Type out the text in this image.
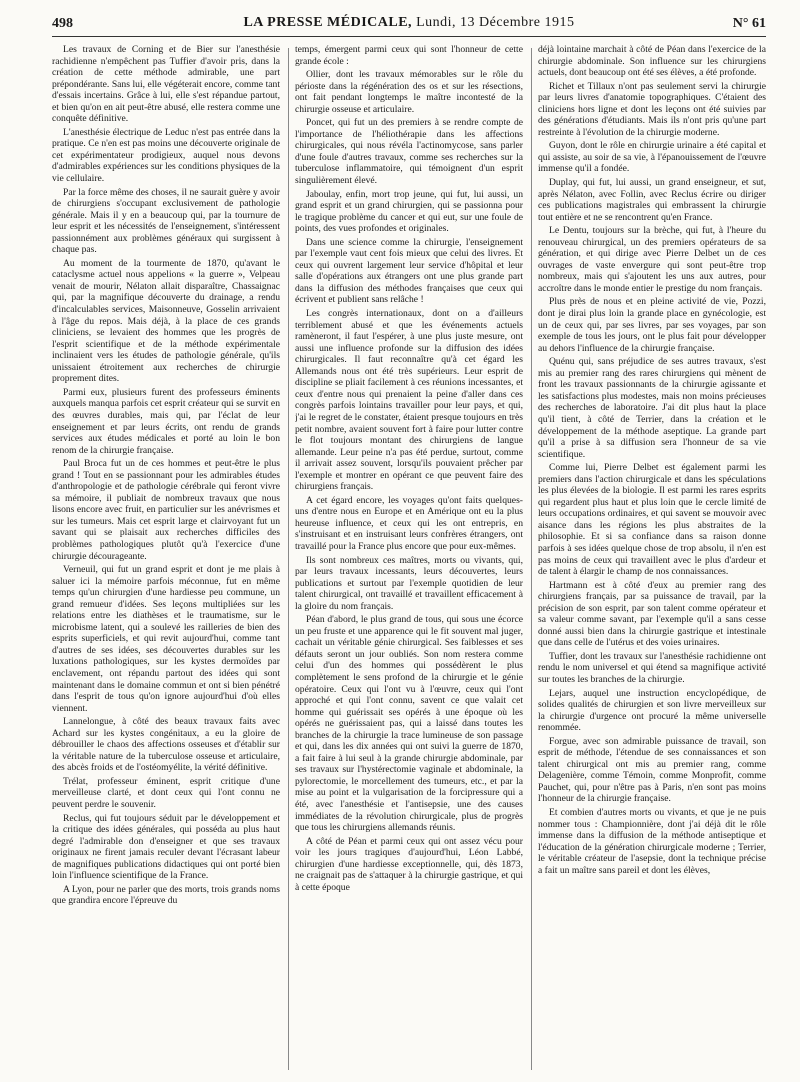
498	LA PRESSE MÉDICALE, Lundi, 13 Décembre 1915	N° 61

Les travaux de Corning et de Bier sur l'anesthésie rachidienne n'empêchent pas Tuffier d'avoir pris, dans la création de cette méthode admirable, une part prépondérante. Sans lui, elle végéterait encore, comme tant d'essais incertains. Grâce à lui, elle s'est répandue partout, et bien qu'on en ait peut-être abusé, elle restera comme une conquête définitive.

L'anesthésie électrique de Leduc n'est pas entrée dans la pratique. Ce n'en est pas moins une découverte originale de cet expérimentateur prodigieux, auquel nous devons d'admirables expériences sur les conditions physiques de la vie cellulaire.

Par la force même des choses, il ne saurait guère y avoir de chirurgiens s'occupant exclusivement de pathologie générale. Mais il y en a beaucoup qui, par la tournure de leur esprit et les nécessités de l'enseignement, s'intéressent passionnément aux problèmes généraux qui surgissent à chaque pas.

Au moment de la tourmente de 1870, qu'avant le cataclysme actuel nous appelions « la guerre », Velpeau venait de mourir, Nélaton allait disparaître, Chassaignac qui, par la magnifique découverte du drainage, a rendu d'incalculables services, Maisonneuve, Gosselin arrivaient à l'âge du repos. Mais déjà, à la place de ces grands cliniciens, se levaient des hommes que les progrès de l'esprit scientifique et de la méthode expérimentale inclinaient vers les études de pathologie générale, qu'ils unissaient étroitement aux recherches de chirurgie proprement dites.

Parmi eux, plusieurs furent des professeurs éminents auxquels manqua parfois cet esprit créateur qui se survit en des œuvres durables, mais qui, par l'éclat de leur enseignement et par leurs écrits, ont rendu de grands services aux études médicales et porté au loin le bon renom de la chirurgie française.

Paul Broca fut un de ces hommes et peut-être le plus grand ! Tout en se passionnant pour les admirables études d'anthropologie et de pathologie cérébrale qui feront vivre sa mémoire, il publiait de nombreux travaux que nous lisons encore avec fruit, en particulier sur les anévrismes et sur les tumeurs. Mais cet esprit large et clairvoyant fut un savant qui se plaisait aux recherches difficiles des problèmes pathologiques plutôt qu'à l'exercice d'une chirurgie décourageante.

Verneuil, qui fut un grand esprit et dont je me plais à saluer ici la mémoire parfois méconnue, fut en même temps qu'un chirurgien d'une hardiesse peu commune, un grand remueur d'idées. Ses leçons multipliées sur les relations entre les diathèses et le traumatisme, sur le microbisme latent, qui a soulevé les railleries de bien des esprits superficiels, et qui revit aujourd'hui, comme tant d'autres de ses idées, ses découvertes durables sur les luxations pathologiques, sur les kystes dermoïdes par enclavement, ont répandu partout des idées qui sont maintenant dans le domaine commun et ont si bien pénétré dans l'esprit de tous qu'on ignore aujourd'hui d'où elles viennent.

Lannelongue, à côté des beaux travaux faits avec Achard sur les kystes congénitaux, a eu la gloire de débrouiller le chaos des affections osseuses et d'établir sur la véritable nature de la tuberculose osseuse et articulaire, des abcès froids et de l'ostéomyélite, la vérité définitive.

Trélat, professeur éminent, esprit critique d'une merveilleuse clarté, et dont ceux qui l'ont connu ne peuvent perdre le souvenir.

Reclus, qui fut toujours séduit par le développement et la critique des idées générales, qui posséda au plus haut degré l'admirable don d'enseigner et que ses travaux originaux ne firent jamais reculer devant l'écrasant labeur de magnifiques publications didactiques qui ont porté bien loin l'influence scientifique de la France.

A Lyon, pour ne parler que des morts, trois grands noms que grandira encore l'épreuve du

temps, émergent parmi ceux qui sont l'honneur de cette grande école :

Ollier, dont les travaux mémorables sur le rôle du périoste dans la régénération des os et sur les résections, ont fait pendant longtemps le maître incontesté de la chirurgie osseuse et articulaire.

Poncet, qui fut un des premiers à se rendre compte de l'importance de l'héliothérapie dans les affections chirurgicales, qui nous révéla l'actinomycose, sans parler d'une foule d'autres travaux, comme ses recherches sur la tuberculose inflammatoire, qui témoignent d'un esprit singulièrement élevé.

Jaboulay, enfin, mort trop jeune, qui fut, lui aussi, un grand esprit et un grand chirurgien, qui se passionna pour le tragique problème du cancer et qui eut, sur une foule de points, des vues profondes et originales.

Dans une science comme la chirurgie, l'enseignement par l'exemple vaut cent fois mieux que celui des livres. Et ceux qui ouvrent largement leur service d'hôpital et leur salle d'opérations aux étrangers ont une plus grande part dans la diffusion des méthodes françaises que ceux qui écrivent et publient sans relâche !

Les congrès internationaux, dont on a d'ailleurs terriblement abusé et que les événements actuels ramèneront, il faut l'espérer, à une plus juste mesure, ont aussi une influence profonde sur la diffusion des idées chirurgicales. Il faut reconnaître qu'à cet égard les Allemands nous ont été très supérieurs. Leur esprit de discipline se pliait facilement à ces réunions incessantes, et ceux d'entre nous qui prenaient la peine d'aller dans ces congrès parfois lointains travailler pour leur pays, et qui, j'ai le regret de le constater, étaient presque toujours en très petit nombre, avaient souvent fort à faire pour lutter contre le flot toujours montant des chirurgiens de langue allemande. Leur peine n'a pas été perdue, surtout, comme il arrivait assez souvent, lorsqu'ils pouvaient prêcher par l'exemple et montrer en opérant ce que peuvent faire des chirurgiens français.

A cet égard encore, les voyages qu'ont faits quelques-uns d'entre nous en Europe et en Amérique ont eu la plus heureuse influence, et ceux qui les ont entrepris, en s'instruisant et en instruisant leurs confrères étrangers, ont travaillé pour la France plus encore que pour eux-mêmes.

Ils sont nombreux ces maîtres, morts ou vivants, qui, par leurs travaux incessants, leurs découvertes, leurs publications et surtout par l'exemple quotidien de leur talent chirurgical, ont travaillé et travaillent efficacement à la gloire du nom français.

Péan d'abord, le plus grand de tous, qui sous une écorce un peu fruste et une apparence qui le fit souvent mal juger, cachait un véritable génie chirurgical. Ses faiblesses et ses défauts seront un jour oubliés. Son nom restera comme celui d'un des hommes qui possédèrent le plus complètement le sens profond de la chirurgie et le génie opératoire. Ceux qui l'ont vu à l'œuvre, ceux qui l'ont approché et qui l'ont connu, savent ce que valait cet homme qui guérissait ses opérés à une époque où les opérés ne guérissaient pas, qui a laissé dans toutes les branches de la chirurgie la trace lumineuse de son passage et qui, dans les dix années qui ont suivi la guerre de 1870, a fait faire à lui seul à la grande chirurgie abdominale, par ses travaux sur l'hystérectomie vaginale et abdominale, la pylorectomie, le morcellement des tumeurs, etc., et par la mise au point et la vulgarisation de la forcipressure qui a été, avec l'anesthésie et l'antisepsie, une des causes immédiates de la révolution chirurgicale, plus de progrès que tous les chirurgiens allemands réunis.

A côté de Péan et parmi ceux qui ont assez vécu pour voir les jours tragiques d'aujourd'hui, Léon Labbé, chirurgien d'une hardiesse exceptionnelle, qui, dès 1873, ne craignait pas de s'attaquer à la chirurgie gastrique, et qui à cette époque

déjà lointaine marchait à côté de Péan dans l'exercice de la chirurgie abdominale. Son influence sur les chirurgiens actuels, dont beaucoup ont été ses élèves, a été profonde.

Richet et Tillaux n'ont pas seulement servi la chirurgie par leurs livres d'anatomie topographiques. C'étaient des cliniciens hors ligne et dont les leçons ont été suivies par des générations d'étudiants. Mais ils n'ont pris qu'une part restreinte à l'évolution de la chirurgie moderne.

Guyon, dont le rôle en chirurgie urinaire a été capital et qui assiste, au soir de sa vie, à l'épanouissement de l'œuvre immense qu'il a fondée.

Duplay, qui fut, lui aussi, un grand enseigneur, et sut, après Nélaton, avec Follin, avec Reclus écrire ou diriger ces publications magistrales qui embrassent la chirurgie tout entière et ne se rencontrent qu'en France.

Le Dentu, toujours sur la brèche, qui fut, à l'heure du renouveau chirurgical, un des premiers opérateurs de sa génération, et qui dirige avec Pierre Delbet un de ces ouvrages de vaste envergure qui sont peut-être trop nombreux, mais qui s'ajoutent les uns aux autres, pour accroître dans le monde entier le prestige du nom français.

Plus près de nous et en pleine activité de vie, Pozzi, dont je dirai plus loin la grande place en gynécologie, est un de ceux qui, par ses livres, par ses voyages, par son exemple de tous les jours, ont le plus fait pour développer au dehors l'influence de la chirurgie française.

Quénu qui, sans préjudice de ses autres travaux, s'est mis au premier rang des rares chirurgiens qui mènent de front les travaux passionnants de la chirurgie agissante et les satisfactions plus modestes, mais non moins précieuses des recherches de laboratoire. J'ai dit plus haut la place qu'il tient, à côté de Terrier, dans la création et le développement de la méthode aseptique. La grande part qu'il a prise à sa diffusion sera l'honneur de sa vie scientifique.

Comme lui, Pierre Delbet est également parmi les premiers dans l'action chirurgicale et dans les spéculations les plus élevées de la biologie. Il est parmi les rares esprits qui regardent plus haut et plus loin que le cercle limité de leurs occupations ordinaires, et qui savent se mouvoir avec aisance dans les régions les plus abstraites de la philosophie. Et si sa confiance dans sa raison donne parfois à ses idées quelque chose de trop absolu, il n'en est pas moins de ceux qui travaillent avec le plus d'ardeur et de talent à élargir le champ de nos connaissances.

Hartmann est à côté d'eux au premier rang des chirurgiens français, par sa puissance de travail, par la précision de son esprit, par son talent comme opérateur et sa valeur comme savant, par l'exemple qu'il a sans cesse donné aussi bien dans la chirurgie gastrique et intestinale que dans celle de l'utérus et des voies urinaires.

Tuffier, dont les travaux sur l'anesthésie rachidienne ont rendu le nom universel et qui étend sa magnifique activité sur toutes les branches de la chirurgie.

Lejars, auquel une instruction encyclopédique, de solides qualités de chirurgien et son livre merveilleux sur la chirurgie d'urgence ont procuré la même universelle renommée.

Forgue, avec son admirable puissance de travail, son esprit de méthode, l'étendue de ses connaissances et son talent chirurgical ont mis au premier rang, comme Delagenière, comme Témoin, comme Monprofit, comme Pauchet, qui, pour n'être pas à Paris, n'en sont pas moins l'honneur de la chirurgie française.

Et combien d'autres morts ou vivants, et que je ne puis nommer tous : Championnière, dont j'ai déjà dit le rôle immense dans la diffusion de la méthode antiseptique et l'éducation de la génération chirurgicale moderne ; Terrier, le véritable créateur de l'asepsie, dont la technique précise a fait un maître sans pareil et dont les élèves,
